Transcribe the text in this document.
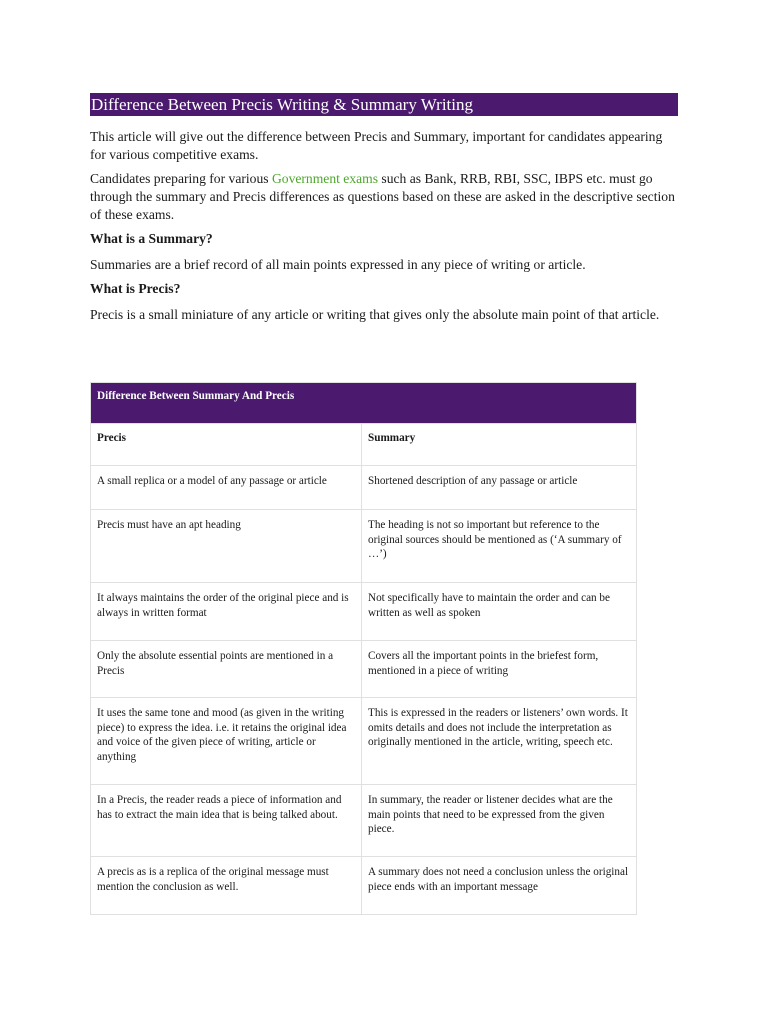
Difference Between Precis Writing & Summary Writing

This article will give out the difference between Precis and Summary, important for candidates appearing for various competitive exams.

Candidates preparing for various Government exams such as Bank, RRB, RBI, SSC, IBPS etc. must go through the summary and Precis differences as questions based on these are asked in the descriptive section of these exams.

What is a Summary?

Summaries are a brief record of all main points expressed in any piece of writing or article.

What is Precis?

Precis is a small miniature of any article or writing that gives only the absolute main point of that article.

Difference Between Summary And Precis	
Precis	Summary
A small replica or a model of any passage or article	Shortened description of any passage or article
Precis must have an apt heading	The heading is not so important but reference to the original sources should be mentioned as (‘A summary of …’)
It always maintains the order of the original piece and is always in written format	Not specifically have to maintain the order and can be written as well as spoken
Only the absolute essential points are mentioned in a Precis	Covers all the important points in the briefest form, mentioned in a piece of writing
It uses the same tone and mood (as given in the writing piece) to express the idea. i.e. it retains the original idea and voice of the given piece of writing, article or anything	This is expressed in the readers or listeners’ own words. It omits details and does not include the interpretation as originally mentioned in the article, writing, speech etc.
In a Precis, the reader reads a piece of information and has to extract the main idea that is being talked about.	In summary, the reader or listener decides what are the main points that need to be expressed from the given piece.
A precis as is a replica of the original message must mention the conclusion as well.	A summary does not need a conclusion unless the original piece ends with an important message
